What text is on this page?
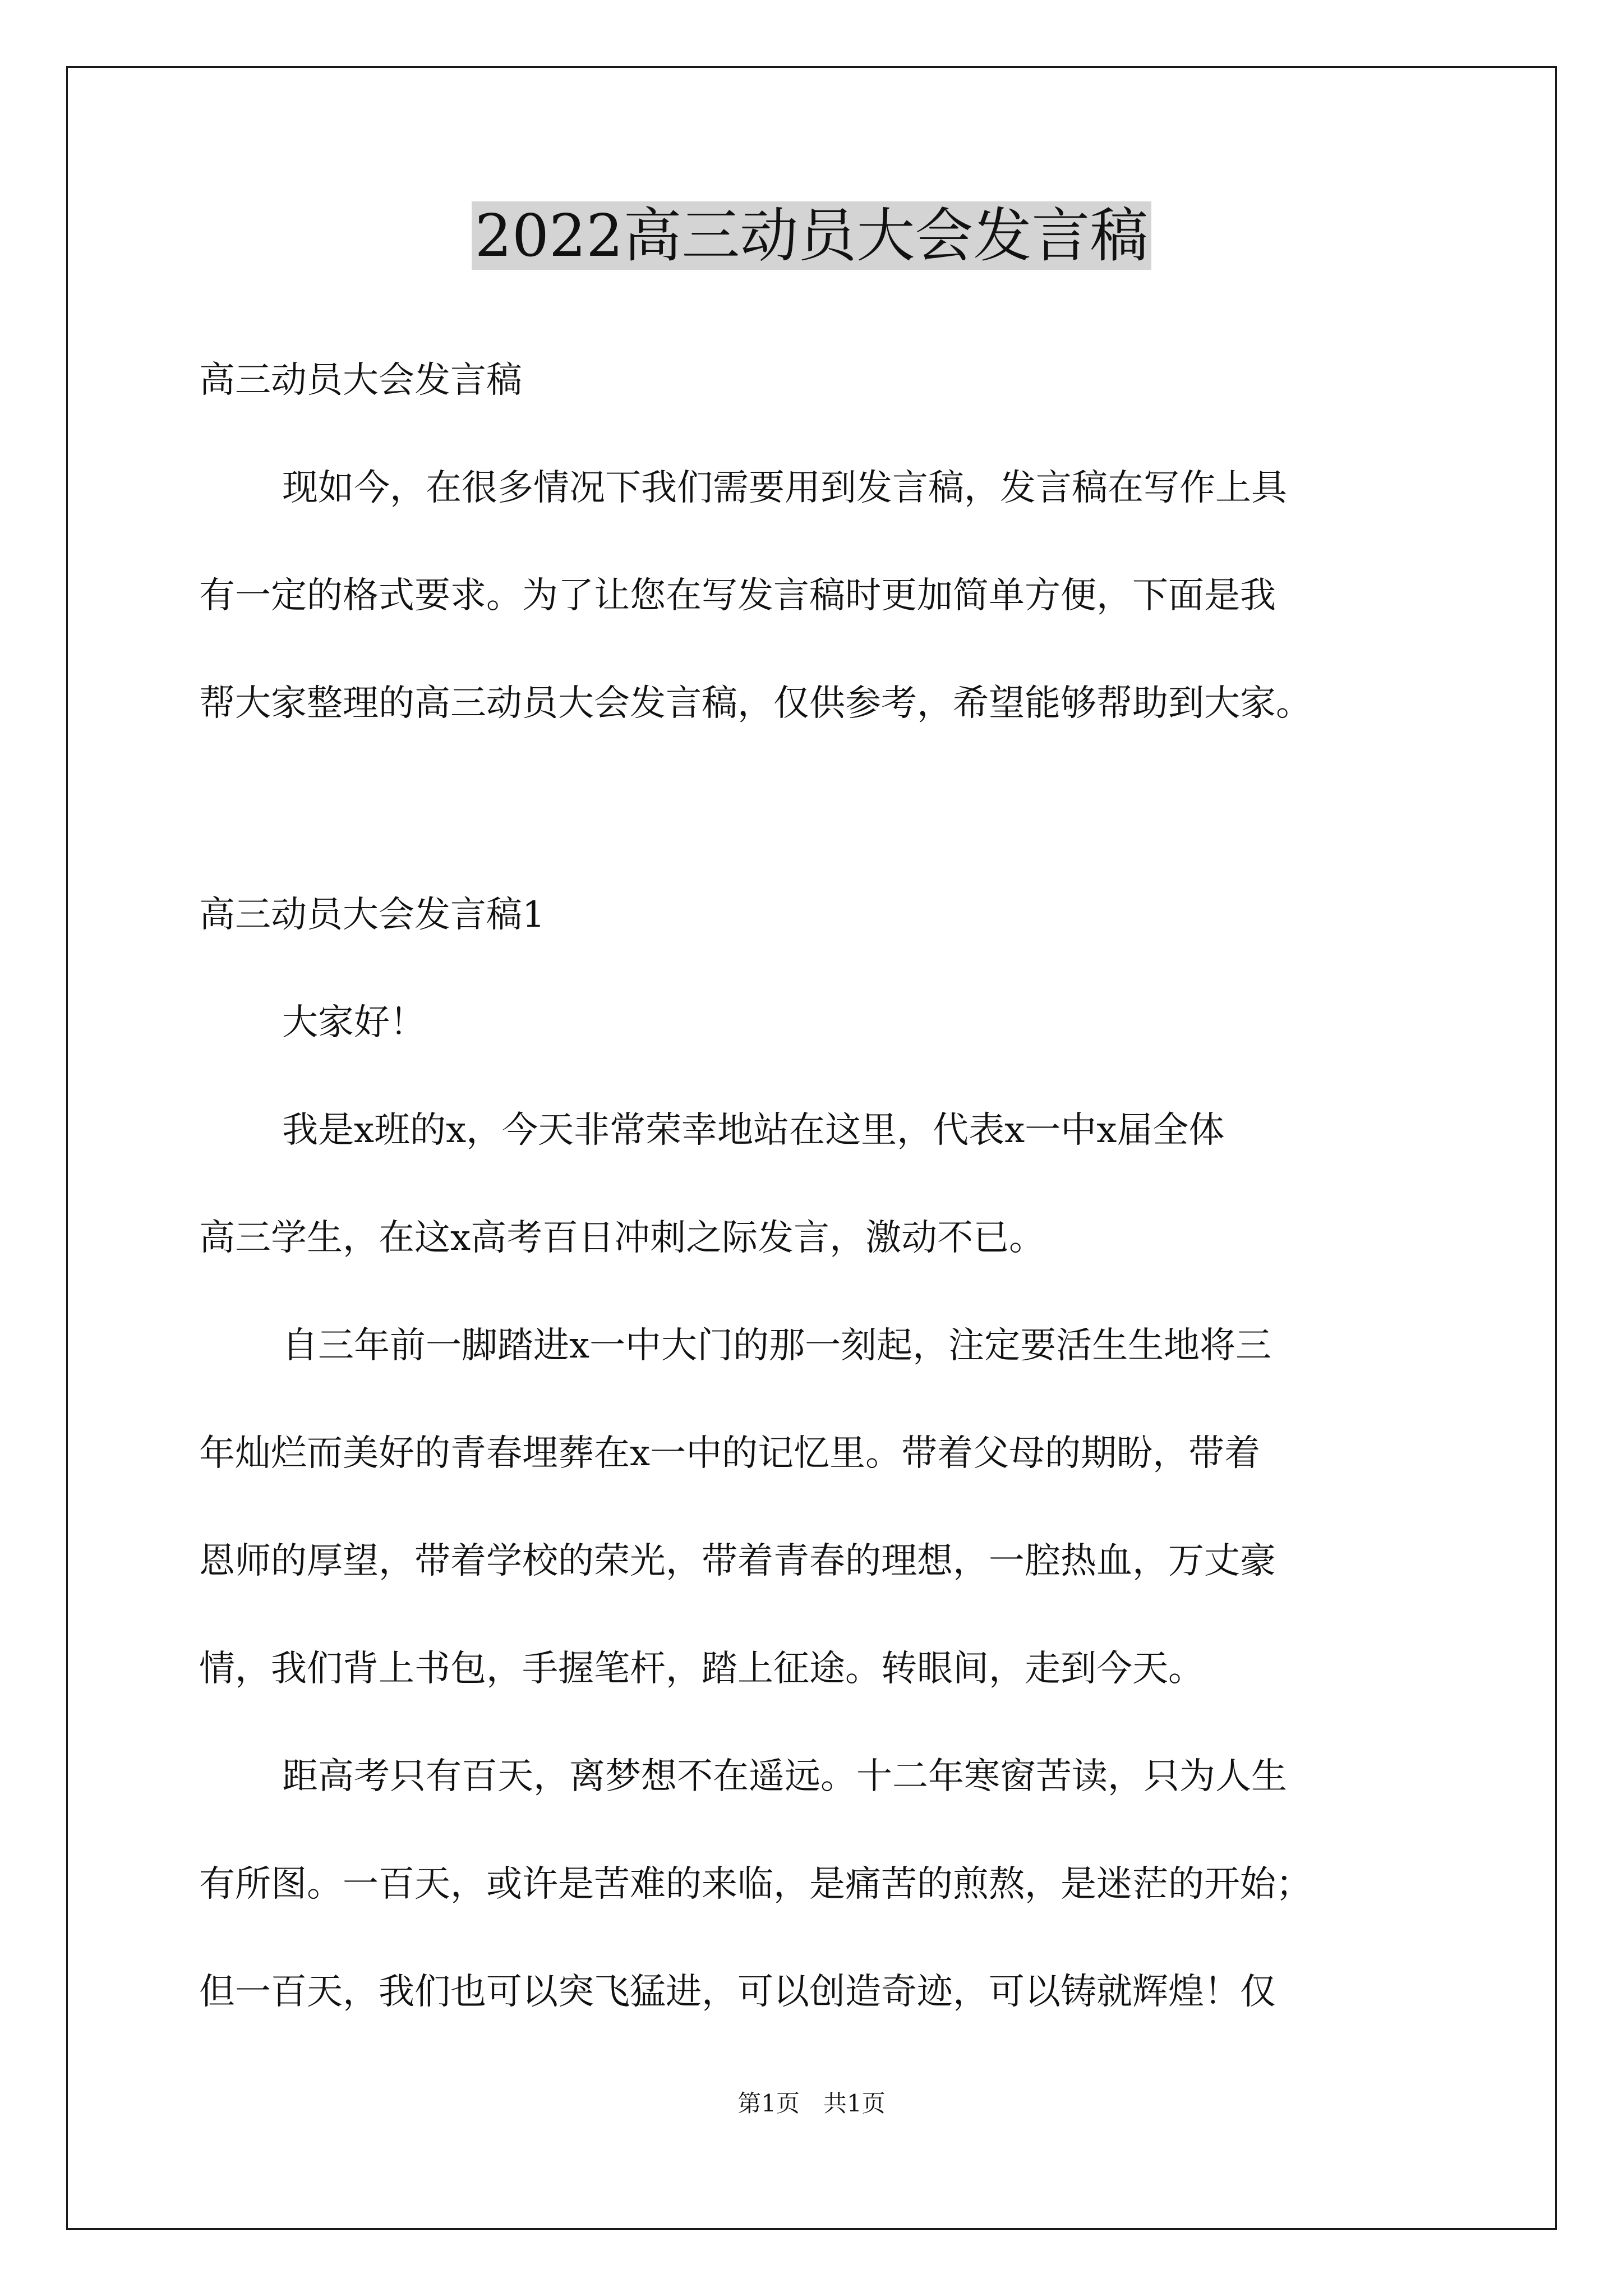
2022高三动员大会发言稿
高三动员大会发言稿
现如今，在很多情况下我们需要用到发言稿，发言稿在写作上具
有一定的格式要求。为了让您在写发言稿时更加简单方便，下面是我
帮大家整理的高三动员大会发言稿，仅供参考，希望能够帮助到大家。
高三动员大会发言稿1
大家好！
我是x班的x，今天非常荣幸地站在这里，代表x一中x届全体
高三学生，在这x高考百日冲刺之际发言，激动不已。
自三年前一脚踏进x一中大门的那一刻起，注定要活生生地将三
年灿烂而美好的青春埋葬在x一中的记忆里。带着父母的期盼，带着
恩师的厚望，带着学校的荣光，带着青春的理想，一腔热血，万丈豪
情，我们背上书包，手握笔杆，踏上征途。转眼间，走到今天。
距高考只有百天，离梦想不在遥远。十二年寒窗苦读，只为人生
有所图。一百天，或许是苦难的来临，是痛苦的煎熬，是迷茫的开始；
但一百天，我们也可以突飞猛进，可以创造奇迹，可以铸就辉煌！仅
第1页　共1页
